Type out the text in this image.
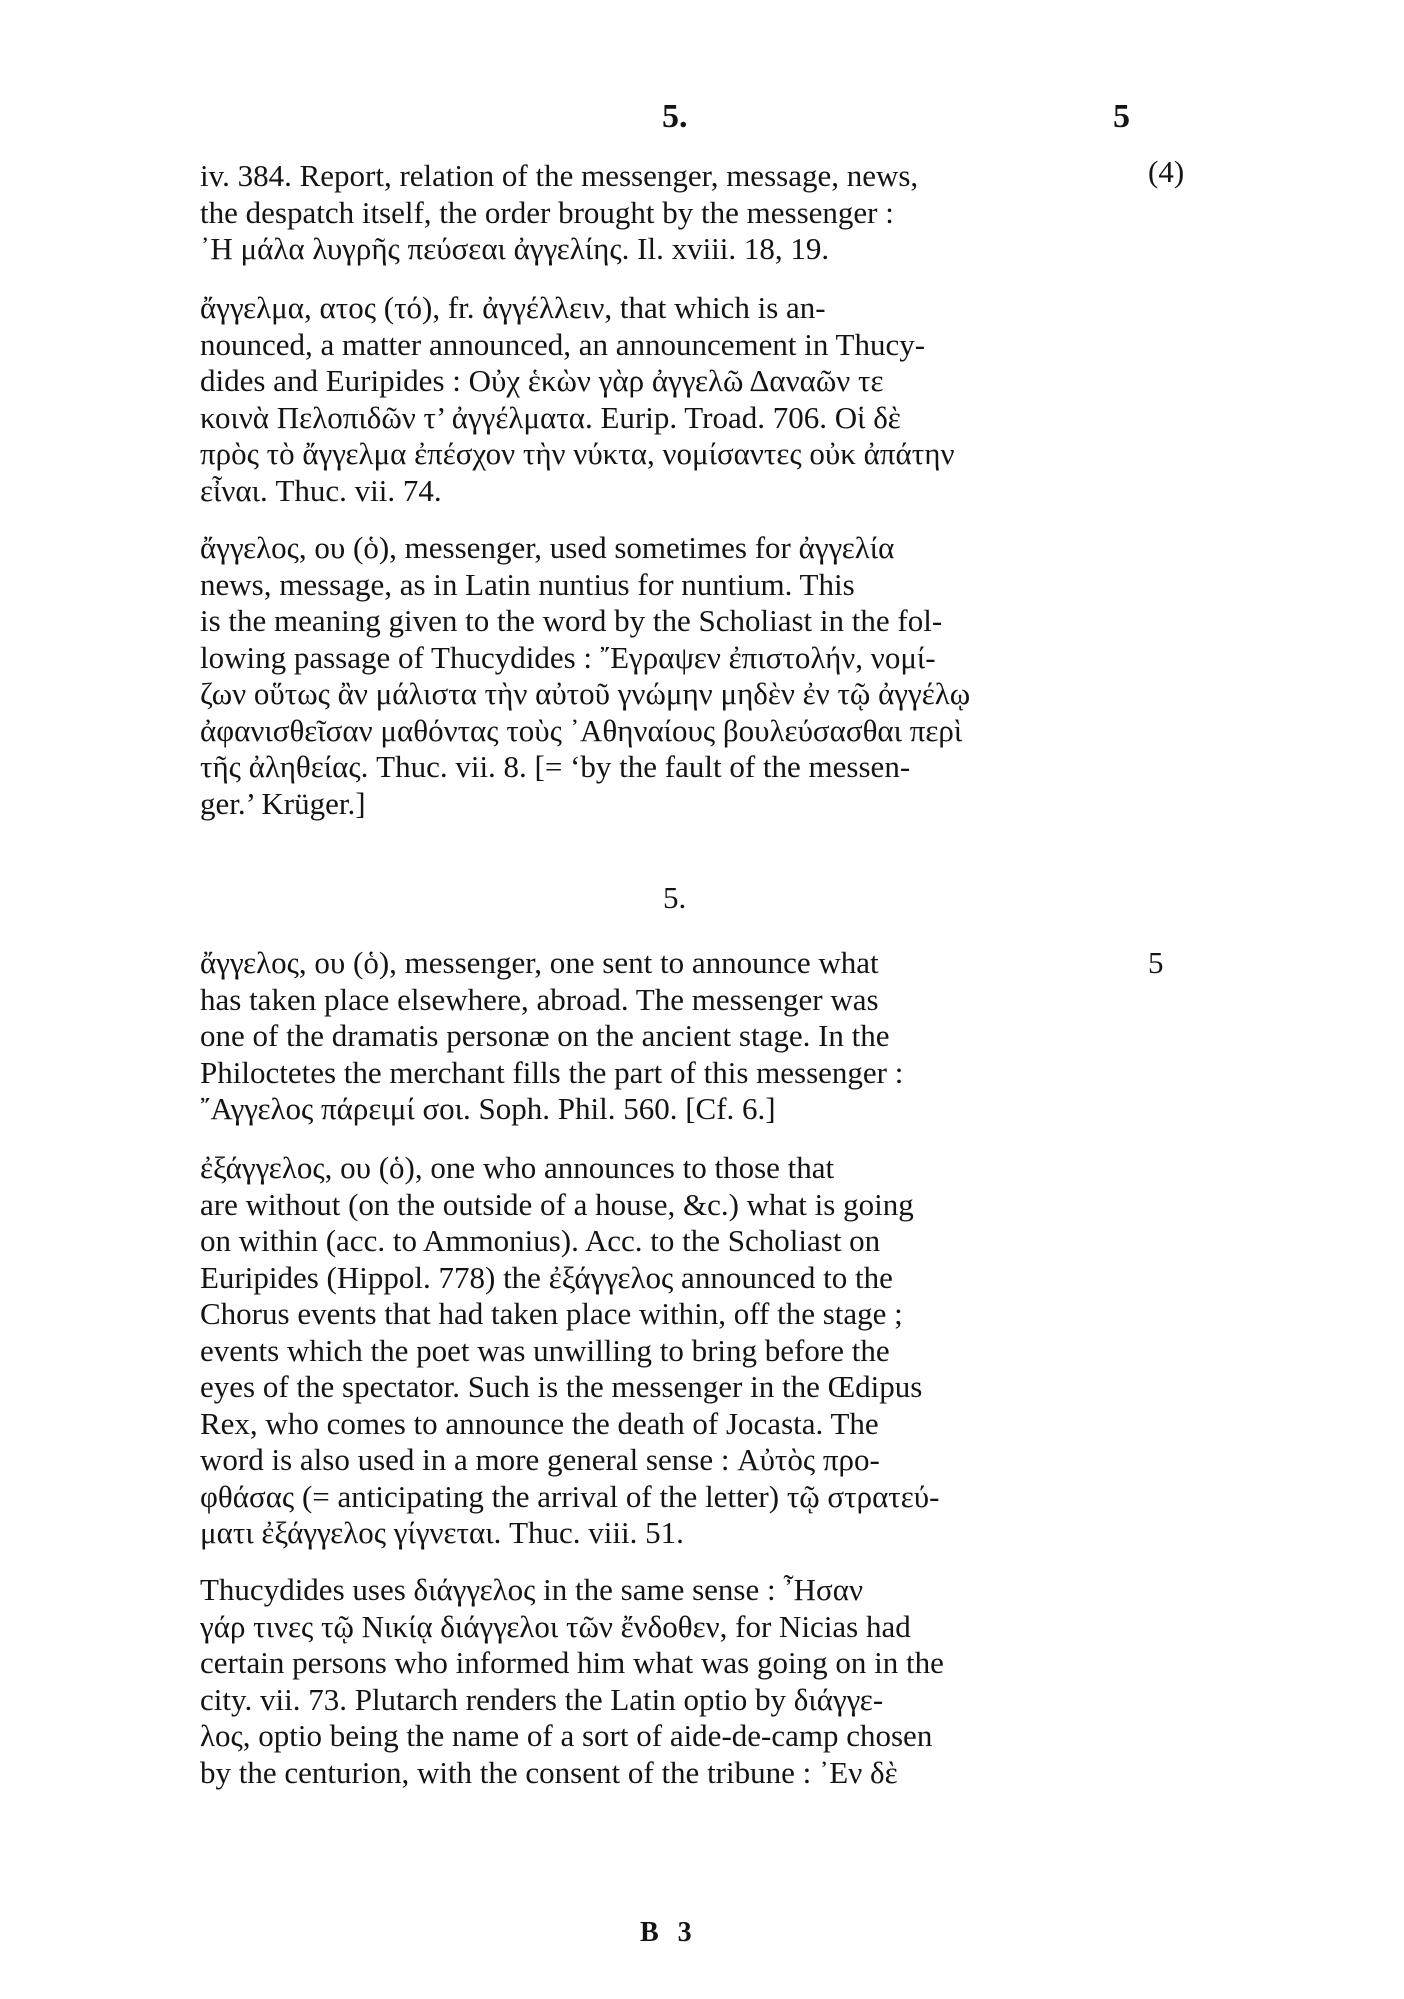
5.	5
(4)

iv. 384. Report, relation of the messenger, message, news,
the despatch itself, the order brought by the messenger :
᾿Η μάλα λυγρῆς πεύσεαι ἀγγελίης. Il. xviii. 18, 19.

ἄγγελμα, ατος (τό), fr. ἀγγέλλειν, that which is an-
nounced, a matter announced, an announcement in Thucy-
dides and Euripides : Οὐχ ἑκὼν γὰρ ἀγγελῶ Δαναῶν τε
κοινὰ Πελοπιδῶν τ’ ἀγγέλματα. Eurip. Troad. 706. Οἱ δὲ
πρὸς τὸ ἄγγελμα ἐπέσχον τὴν νύκτα, νομίσαντες οὐκ ἀπάτην
εἶναι. Thuc. vii. 74.

ἄγγελος, ου (ὁ), messenger, used sometimes for ἀγγελία
news, message, as in Latin nuntius for nuntium. This
is the meaning given to the word by the Scholiast in the fol-
lowing passage of Thucydides : ῎Εγραψεν ἐπιστολήν, νομί-
ζων οὕτως ἂν μάλιστα τὴν αὐτοῦ γνώμην μηδὲν ἐν τῷ ἀγγέλῳ
ἀφανισθεῖσαν μαθόντας τοὺς ᾿Αθηναίους βουλεύσασθαι περὶ
τῆς ἀληθείας. Thuc. vii. 8. [= ‘by the fault of the messen-
ger.’ Krüger.]

5.
5

ἄγγελος, ου (ὁ), messenger, one sent to announce what
has taken place elsewhere, abroad. The messenger was
one of the dramatis personæ on the ancient stage. In the
Philoctetes the merchant fills the part of this messenger :
῎Αγγελος πάρειμί σοι. Soph. Phil. 560. [Cf. 6.]

ἐξάγγελος, ου (ὁ), one who announces to those that
are without (on the outside of a house, &c.) what is going
on within (acc. to Ammonius). Acc. to the Scholiast on
Euripides (Hippol. 778) the ἐξάγγελος announced to the
Chorus events that had taken place within, off the stage ;
events which the poet was unwilling to bring before the
eyes of the spectator. Such is the messenger in the Œdipus
Rex, who comes to announce the death of Jocasta. The
word is also used in a more general sense : Αὐτὸς προ-
φθάσας (= anticipating the arrival of the letter) τῷ στρατεύ-
ματι ἐξάγγελος γίγνεται. Thuc. viii. 51.

Thucydides uses διάγγελος in the same sense : ῏Ησαν
γάρ τινες τῷ Νικίᾳ διάγγελοι τῶν ἔνδοθεν, for Nicias had
certain persons who informed him what was going on in the
city. vii. 73. Plutarch renders the Latin optio by διάγγε-
λος, optio being the name of a sort of aide-de-camp chosen
by the centurion, with the consent of the tribune : ᾿Εν δὲ

B 3
